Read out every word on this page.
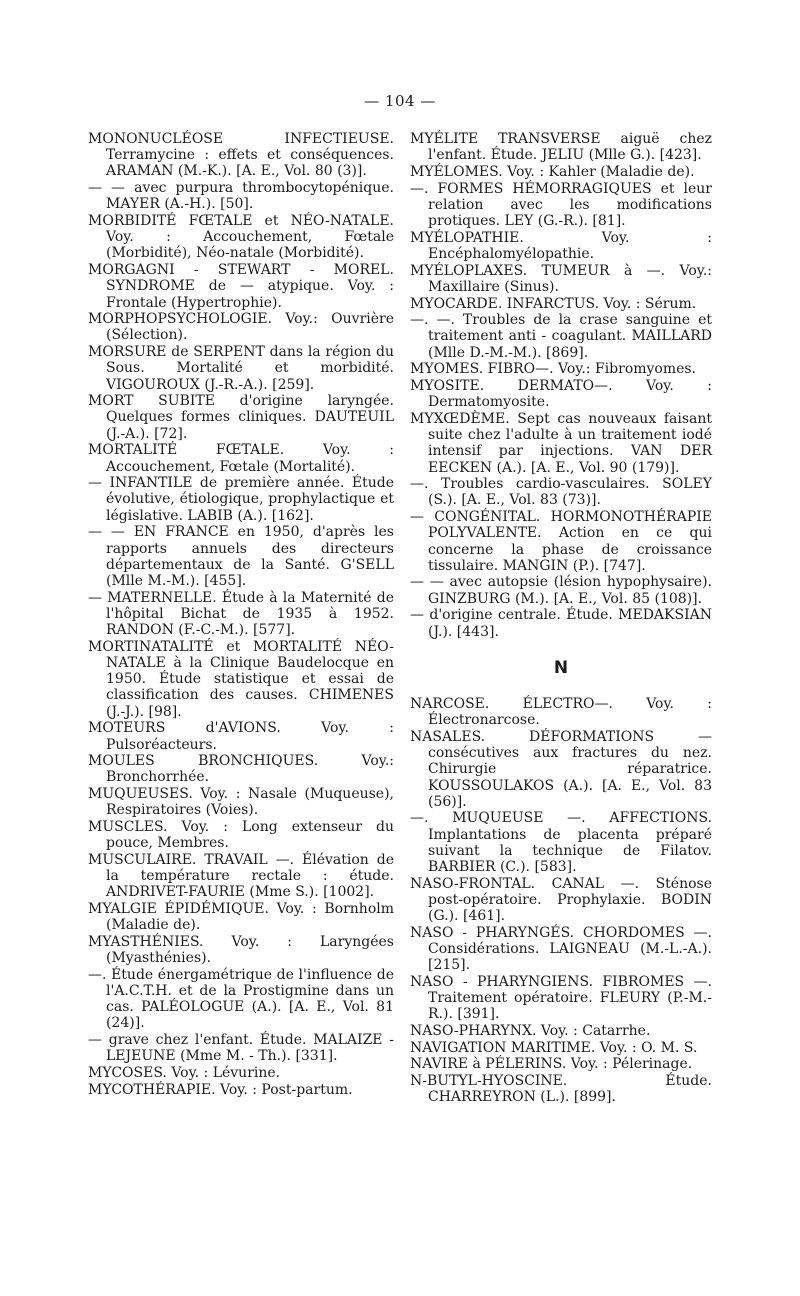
— 104 —

MONONUCLÉOSE INFECTIEUSE. Terramycine : effets et conséquences. ARAMAN (M.-K.). [A. E., Vol. 80 (3)].

— — avec purpura thrombocytopénique. MAYER (A.-H.). [50].

MORBIDITÉ FŒTALE et NÉO-NATALE. Voy. : Accouchement, Fœtale (Morbidité), Néo-natale (Morbidité).

MORGAGNI - STEWART - MOREL. SYNDROME de — atypique. Voy. : Frontale (Hypertrophie).

MORPHOPSYCHOLOGIE. Voy.: Ouvrière (Sélection).

MORSURE de SERPENT dans la région du Sous. Mortalité et morbidité. VIGOUROUX (J.-R.-A.). [259].

MORT SUBITE d'origine laryngée. Quelques formes cliniques. DAUTEUIL (J.-A.). [72].

MORTALITÉ FŒTALE. Voy. : Accouchement, Fœtale (Mortalité).

— INFANTILE de première année. Étude évolutive, étiologique, prophylactique et législative. LABIB (A.). [162].

— — EN FRANCE en 1950, d'après les rapports annuels des directeurs départementaux de la Santé. G'SELL (Mlle M.-M.). [455].

— MATERNELLE. Étude à la Maternité de l'hôpital Bichat de 1935 à 1952. RANDON (F.-C.-M.). [577].

MORTINATALITÉ et MORTALITÉ NÉO-NATALE à la Clinique Baudelocque en 1950. Étude statistique et essai de classification des causes. CHIMENES (J.-J.). [98].

MOTEURS d'AVIONS. Voy. : Pulsoréacteurs.

MOULES BRONCHIQUES. Voy.: Bronchorrhée.

MUQUEUSES. Voy. : Nasale (Muqueuse), Respiratoires (Voies).

MUSCLES. Voy. : Long extenseur du pouce, Membres.

MUSCULAIRE. TRAVAIL —. Élévation de la température rectale : étude. ANDRIVET-FAURIE (Mme S.). [1002].

MYALGIE ÉPIDÉMIQUE. Voy. : Bornholm (Maladie de).

MYASTHÉNIES. Voy. : Laryngées (Myasthénies).

—. Étude énergamétrique de l'influence de l'A.C.T.H. et de la Prostigmine dans un cas. PALÉOLOGUE (A.). [A. E., Vol. 81 (24)].

— grave chez l'enfant. Étude. MALAIZE - LEJEUNE (Mme M. - Th.). [331].

MYCOSES. Voy. : Lévurine.

MYCOTHÉRAPIE. Voy. : Post-partum.

MYÉLITE TRANSVERSE aiguë chez l'enfant. Étude. JELIU (Mlle G.). [423].

MYÉLOMES. Voy. : Kahler (Maladie de).

—. FORMES HÉMORRAGIQUES et leur relation avec les modifications protiques. LEY (G.-R.). [81].

MYÉLOPATHIE. Voy. : Encéphalomyélopathie.

MYÉLOPLAXES. TUMEUR à —. Voy.: Maxillaire (Sinus).

MYOCARDE. INFARCTUS. Voy. : Sérum.

—. —. Troubles de la crase sanguine et traitement anti - coagulant. MAILLARD (Mlle D.-M.-M.). [869].

MYOMES. FIBRO—. Voy.: Fibromyomes.

MYOSITE. DERMATO—. Voy. : Dermatomyosite.

MYXŒDÈME. Sept cas nouveaux faisant suite chez l'adulte à un traitement iodé intensif par injections. VAN DER EECKEN (A.). [A. E., Vol. 90 (179)].

—. Troubles cardio-vasculaires. SOLEY (S.). [A. E., Vol. 83 (73)].

— CONGÉNITAL. HORMONOTHÉRAPIE POLYVALENTE. Action en ce qui concerne la phase de croissance tissulaire. MANGIN (P.). [747].

— — avec autopsie (lésion hypophysaire). GINZBURG (M.). [A. E., Vol. 85 (108)].

— d'origine centrale. Étude. MEDAKSIAN (J.). [443].

N

NARCOSE. ÉLECTRO—. Voy. : Électronarcose.

NASALES. DÉFORMATIONS — consécutives aux fractures du nez. Chirurgie réparatrice. KOUSSOULAKOS (A.). [A. E., Vol. 83 (56)].

—. MUQUEUSE —. AFFECTIONS. Implantations de placenta préparé suivant la technique de Filatov. BARBIER (C.). [583].

NASO-FRONTAL. CANAL —. Sténose post-opératoire. Prophylaxie. BODIN (G.). [461].

NASO - PHARYNGÉS. CHORDOMES —. Considérations. LAIGNEAU (M.-L.-A.). [215].

NASO - PHARYNGIENS. FIBROMES —. Traitement opératoire. FLEURY (P.-M.-R.). [391].

NASO-PHARYNX. Voy. : Catarrhe.

NAVIGATION MARITIME. Voy. : O. M. S.

NAVIRE à PÉLERINS. Voy. : Pélerinage.

N-BUTYL-HYOSCINE. Étude. CHARREYRON (L.). [899].
